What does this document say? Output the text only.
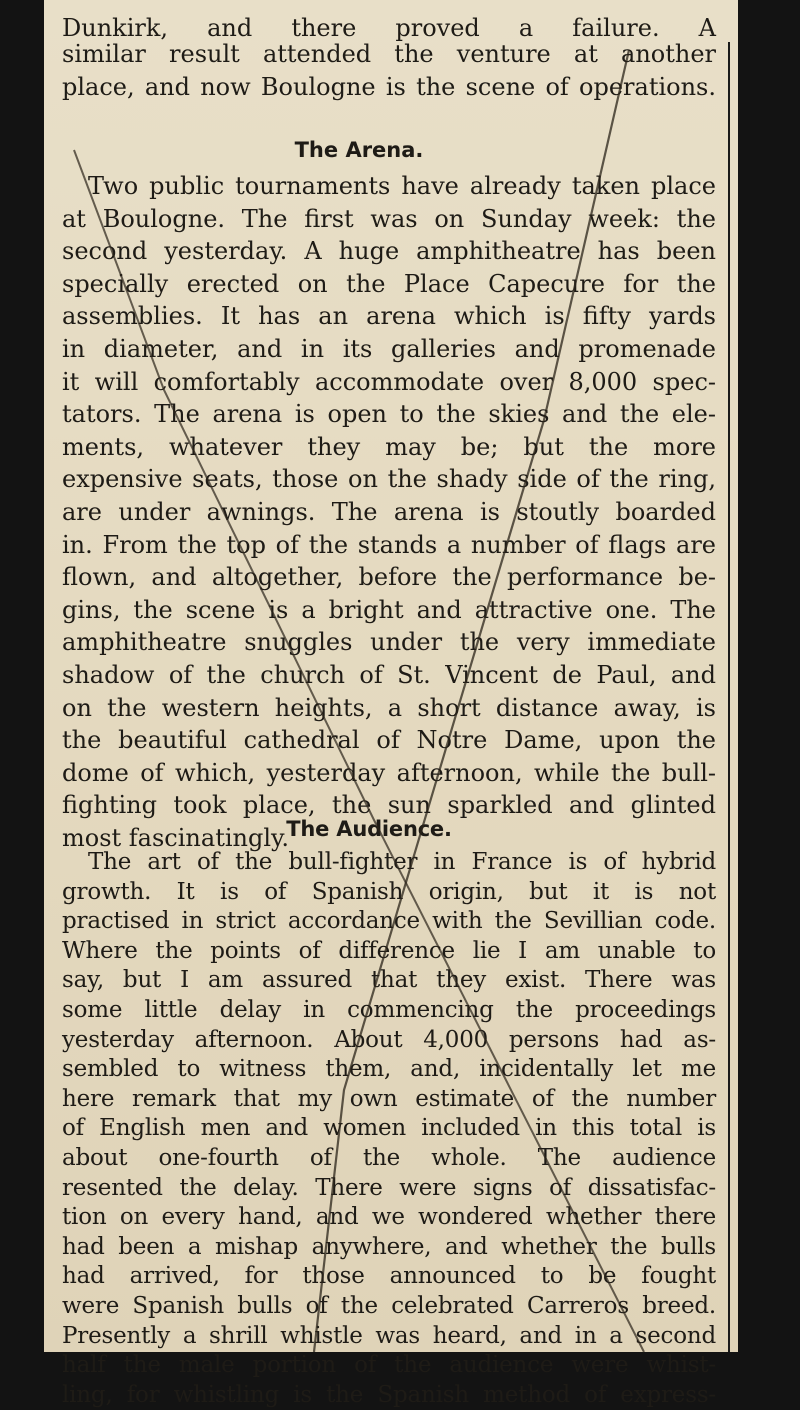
Dunkirk, and there proved a failure. A
similar result attended the venture at another
place, and now Boulogne is the scene of operations.
The Arena.
Two public tournaments have already taken place
at Boulogne. The first was on Sunday week: the
second yesterday. A huge amphitheatre has been
specially erected on the Place Capecure for the
assemblies. It has an arena which is fifty yards
in diameter, and in its galleries and promenade
it will comfortably accommodate over 8,000 spec-
tators. The arena is open to the skies and the ele-
ments, whatever they may be; but the more
expensive seats, those on the shady side of the ring,
are under awnings. The arena is stoutly boarded
in. From the top of the stands a number of flags are
flown, and altogether, before the performance be-
gins, the scene is a bright and attractive one. The
amphitheatre snuggles under the very immediate
shadow of the church of St. Vincent de Paul, and
on the western heights, a short distance away, is
the beautiful cathedral of Notre Dame, upon the
dome of which, yesterday afternoon, while the bull-
fighting took place, the sun sparkled and glinted
most fascinatingly.
The Audience.
The art of the bull-fighter in France is of hybrid
growth. It is of Spanish origin, but it is not
practised in strict accordance with the Sevillian code.
Where the points of difference lie I am unable to
say, but I am assured that they exist. There was
some little delay in commencing the proceedings
yesterday afternoon. About 4,000 persons had as-
sembled to witness them, and, incidentally let me
here remark that my own estimate of the number
of English men and women included in this total is
about one-fourth of the whole. The audience
resented the delay. There were signs of dissatisfac-
tion on every hand, and we wondered whether there
had been a mishap anywhere, and whether the bulls
had arrived, for those announced to be fought
were Spanish bulls of the celebrated Carreros breed.
Presently a shrill whistle was heard, and in a second
half the male portion of the audience were whist-
ling, for whistling is the Spanish method of express-
